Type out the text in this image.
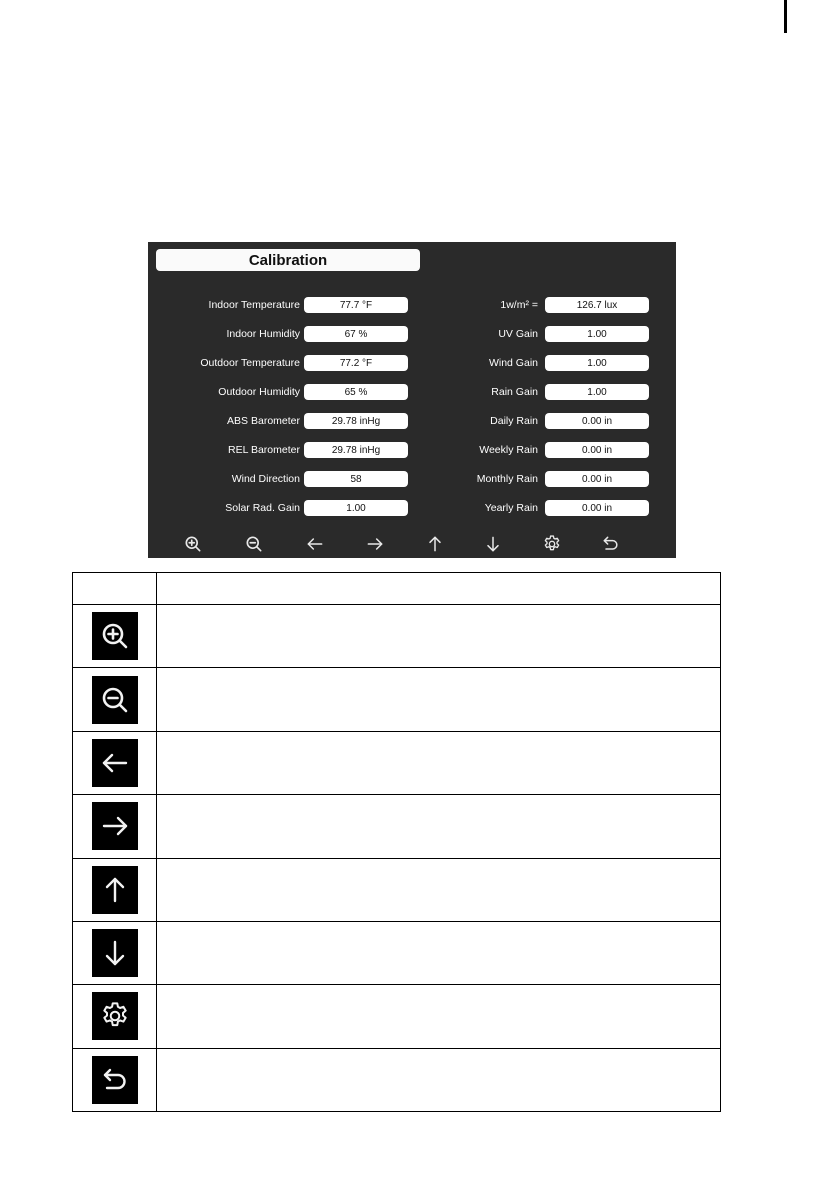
Calibration
Indoor Temperature	77.7 °F
Indoor Humidity	67 %
Outdoor Temperature	77.2 °F
Outdoor Humidity	65 %
ABS Barometer	29.78 inHg
REL Barometer	29.78 inHg
Wind Direction	58
Solar Rad. Gain	1.00
1w/m² =	126.7 lux
UV Gain	1.00
Wind Gain	1.00
Rain Gain	1.00
Daily Rain	0.00 in
Weekly Rain	0.00 in
Monthly Rain	0.00 in
Yearly Rain	0.00 in
